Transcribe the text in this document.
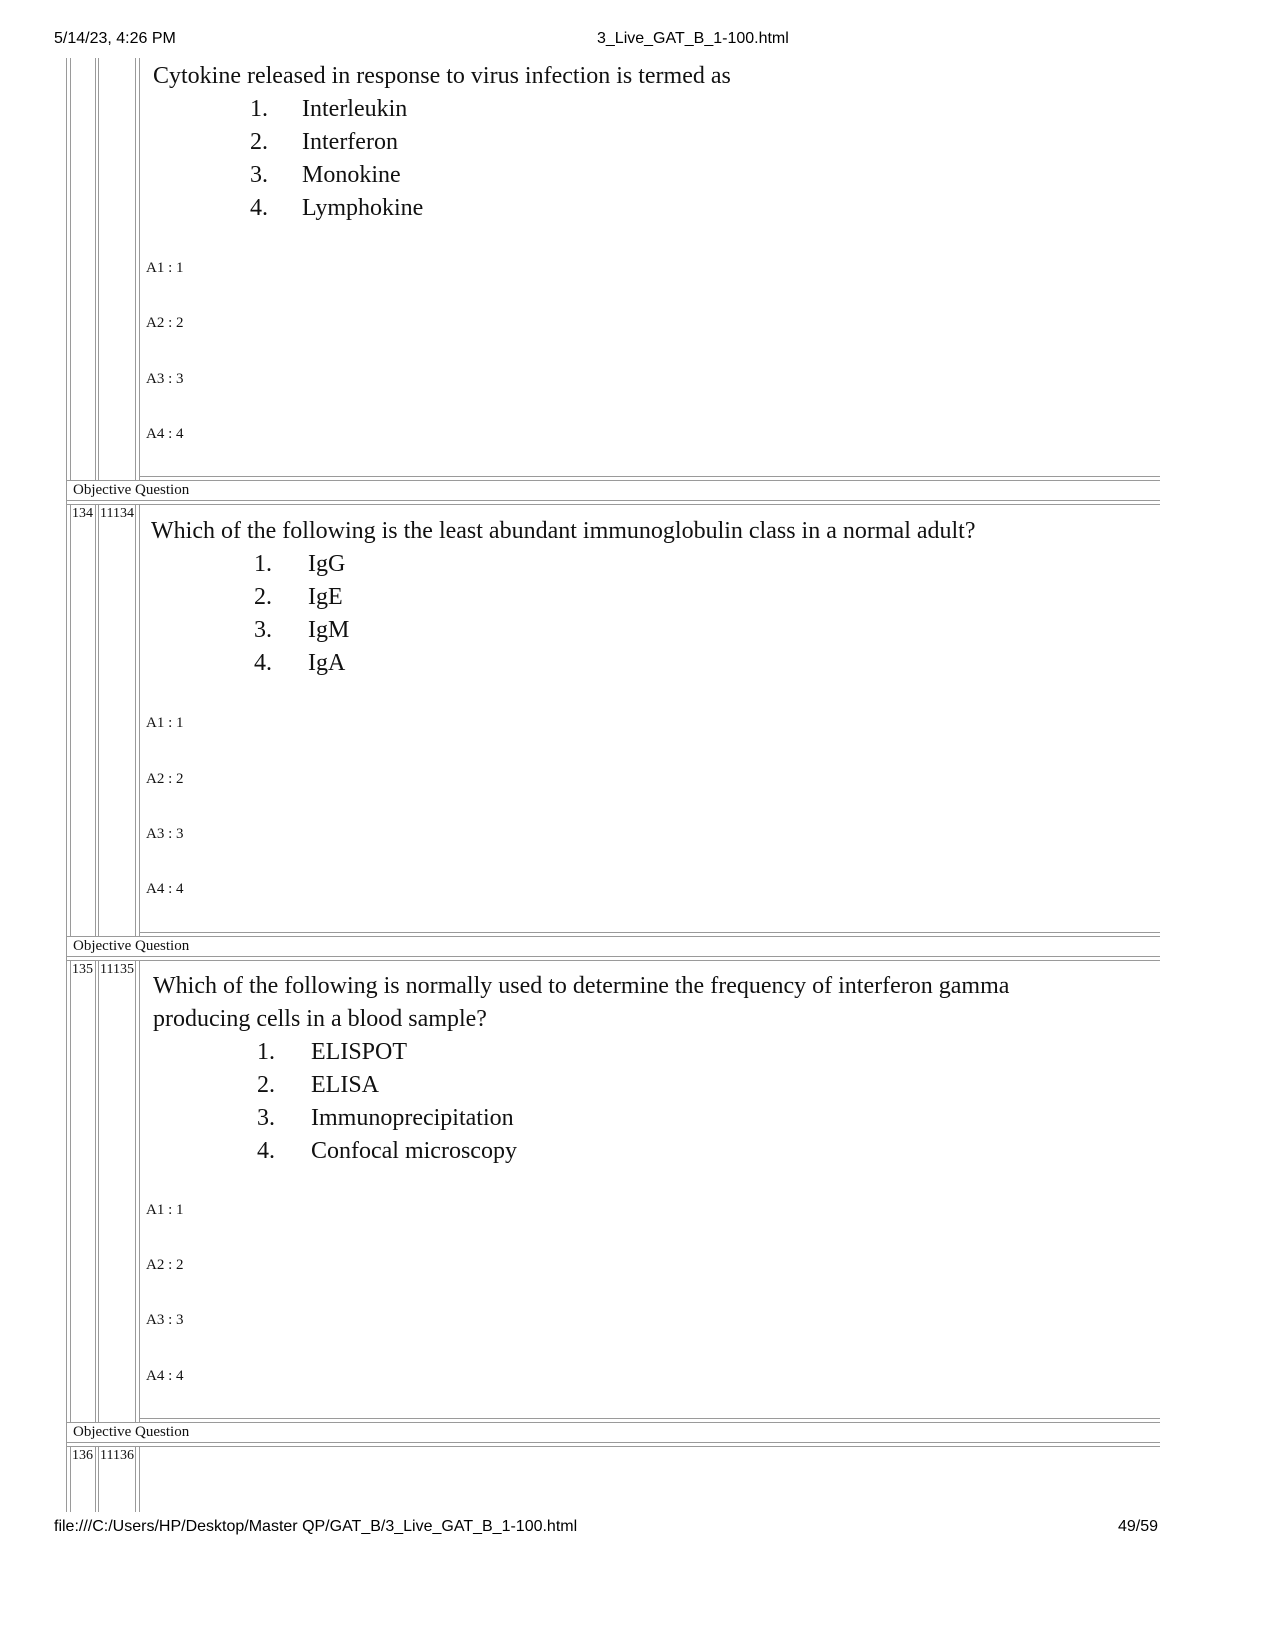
5/14/23, 4:26 PM	3_Live_GAT_B_1-100.html
Cytokine released in response to virus infection is termed as
1. Interleukin
2. Interferon
3. Monokine
4. Lymphokine
A1 : 1
A2 : 2
A3 : 3
A4 : 4
Objective Question
134 11134
Which of the following is the least abundant immunoglobulin class in a normal adult?
1. IgG
2. IgE
3. IgM
4. IgA
A1 : 1
A2 : 2
A3 : 3
A4 : 4
Objective Question
135 11135
Which of the following is normally used to determine the frequency of interferon gamma
producing cells in a blood sample?
1. ELISPOT
2. ELISA
3. Immunoprecipitation
4. Confocal microscopy
A1 : 1
A2 : 2
A3 : 3
A4 : 4
Objective Question
136 11136
file:///C:/Users/HP/Desktop/Master QP/GAT_B/3_Live_GAT_B_1-100.html	49/59
